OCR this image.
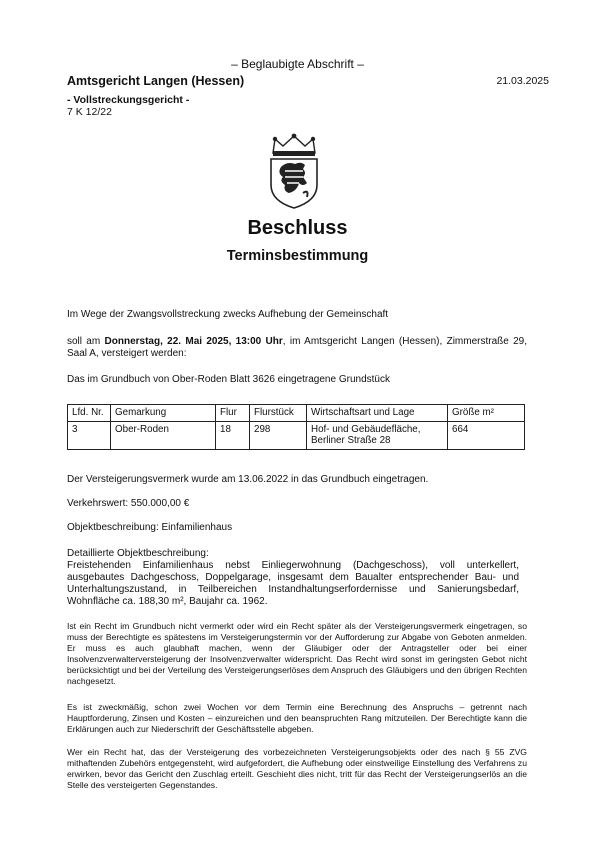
– Beglaubigte Abschrift –
Amtsgericht Langen (Hessen)	21.03.2025
- Vollstreckungsgericht -
7 K 12/22
Beschluss
Terminsbestimmung
Im Wege der Zwangsvollstreckung zwecks Aufhebung der Gemeinschaft
soll am Donnerstag, 22. Mai 2025, 13:00 Uhr, im Amtsgericht Langen (Hessen), Zimmerstraße 29, Saal A, versteigert werden:
Das im Grundbuch von Ober-Roden Blatt 3626 eingetragene Grundstück
Lfd. Nr.	Gemarkung	Flur	Flurstück	Wirtschaftsart und Lage	Größe m²
3	Ober-Roden	18	298	Hof- und Gebäudefläche, Berliner Straße 28	664
Der Versteigerungsvermerk wurde am 13.06.2022 in das Grundbuch eingetragen.
Verkehrswert: 550.000,00 €
Objektbeschreibung: Einfamilienhaus
Detaillierte Objektbeschreibung:
Freistehenden Einfamilienhaus nebst Einliegerwohnung (Dachgeschoss), voll unterkellert, ausgebautes Dachgeschoss, Doppelgarage, insgesamt dem Baualter entsprechender Bau- und Unterhaltungszustand, in Teilbereichen Instandhaltungserfordernisse und Sanierungsbedarf, Wohnfläche ca. 188,30 m², Baujahr ca. 1962.
Ist ein Recht im Grundbuch nicht vermerkt oder wird ein Recht später als der Versteigerungsvermerk eingetragen, so muss der Berechtigte es spätestens im Versteigerungstermin vor der Aufforderung zur Abgabe von Geboten anmelden. Er muss es auch glaubhaft machen, wenn der Gläubiger oder der Antragsteller oder bei einer Insolvenzverwalterversteigerung der Insolvenzverwalter widerspricht. Das Recht wird sonst im geringsten Gebot nicht berücksichtigt und bei der Verteilung des Versteigerungserlöses dem Anspruch des Gläubigers und den übrigen Rechten nachgesetzt.
Es ist zweckmäßig, schon zwei Wochen vor dem Termin eine Berechnung des Anspruchs – getrennt nach Hauptforderung, Zinsen und Kosten – einzureichen und den beanspruchten Rang mitzuteilen. Der Berechtigte kann die Erklärungen auch zur Niederschrift der Geschäftsstelle abgeben.
Wer ein Recht hat, das der Versteigerung des vorbezeichneten Versteigerungsobjekts oder des nach § 55 ZVG mithaftenden Zubehörs entgegensteht, wird aufgefordert, die Aufhebung oder einstweilige Einstellung des Verfahrens zu erwirken, bevor das Gericht den Zuschlag erteilt. Geschieht dies nicht, tritt für das Recht der Versteigerungserlös an die Stelle des versteigerten Gegenstandes.
